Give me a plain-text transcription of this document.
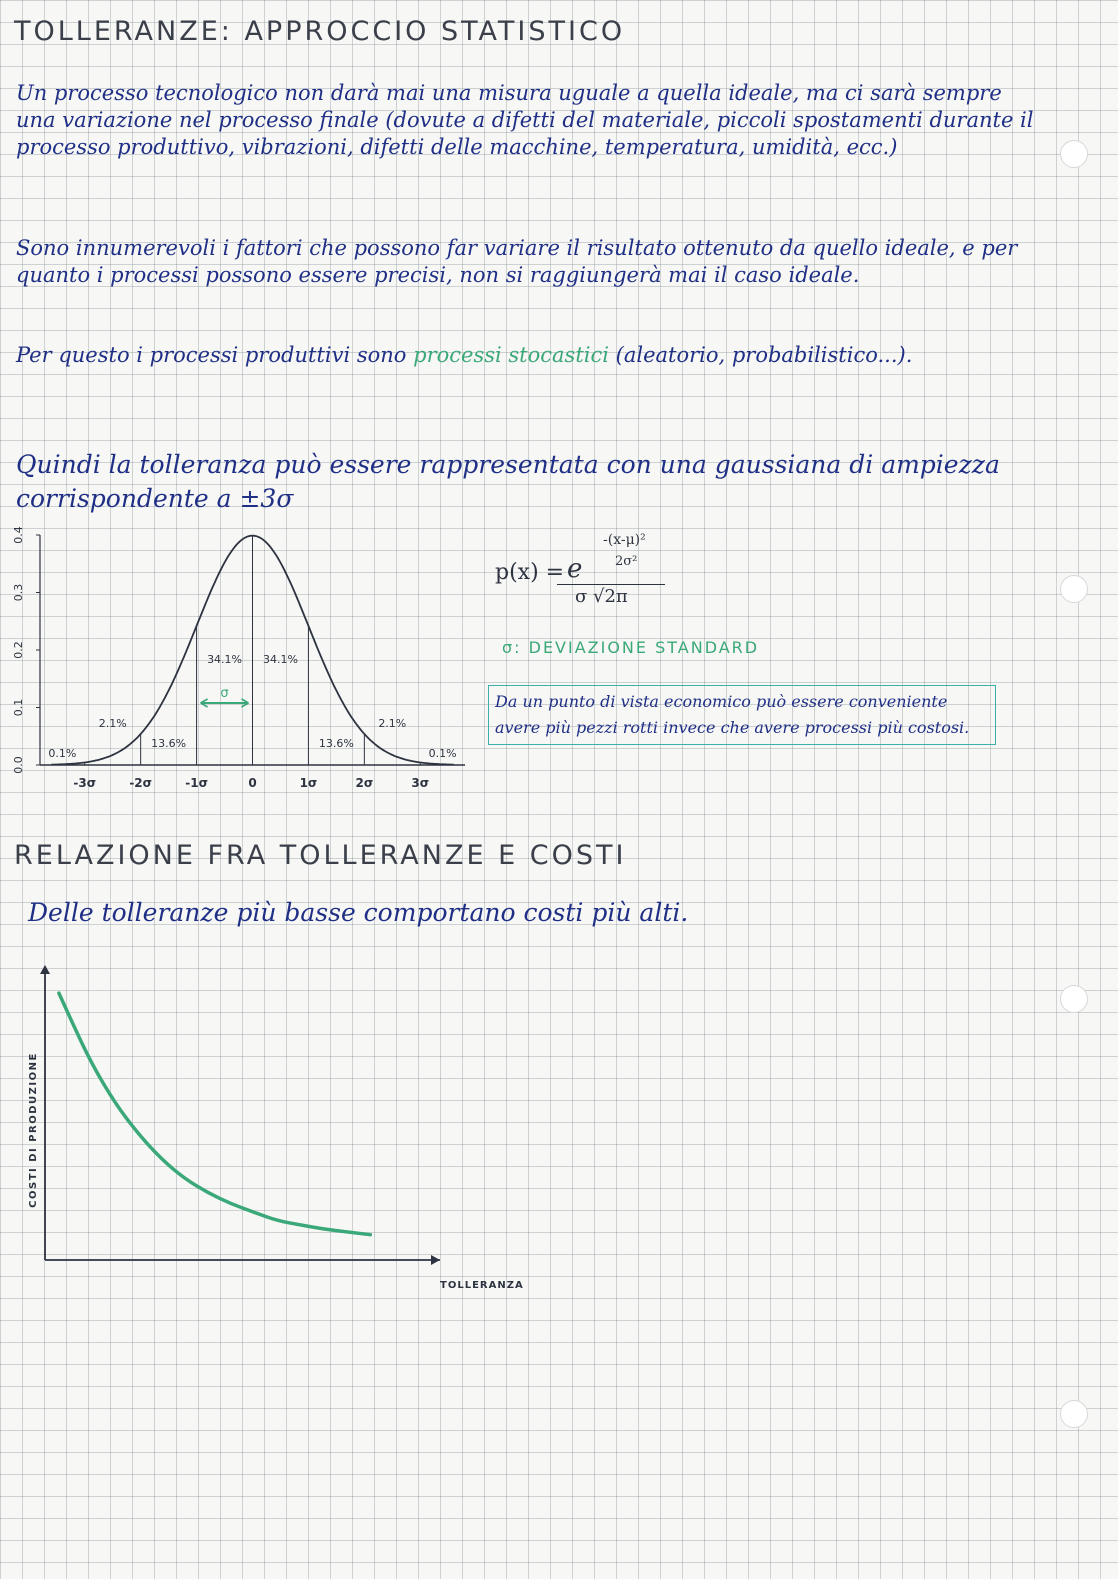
TOLLERANZE: APPROCCIO STATISTICO
Un processo tecnologico non darà mai una misura uguale a quella ideale, ma ci sarà sempre una variazione nel processo finale (dovute a difetti del materiale, piccoli spostamenti durante il processo produttivo, vibrazioni, difetti delle macchine, temperatura, umidità, ecc.)
Sono innumerevoli i fattori che possono far variare il risultato ottenuto da quello ideale, e per quanto i processi possono essere precisi, non si raggiungerà mai il caso ideale.
Per questo i processi produttivi sono processi stocastici (aleatorio, probabilistico...).
Quindi la tolleranza può essere rappresentata con una gaussiana di ampiezza corrispondente a ±3σ
0.0
0.1
0.2
0.3
0.4
-3σ	-2σ	-1σ	0	1σ	2σ	3σ
0.1%
2.1%
13.6%
34.1% 34.1%
13.6%
2.1%
0.1%
σ
p(x) = e
-(x-μ)²
2σ²
σ √2π
σ: DEVIAZIONE STANDARD
Da un punto di vista economico può essere conveniente avere più pezzi rotti invece che avere processi più costosi.
RELAZIONE FRA TOLLERANZE E COSTI
Delle tolleranze più basse comportano costi più alti.
TOLLERANZA
COSTI DI PRODUZIONE
